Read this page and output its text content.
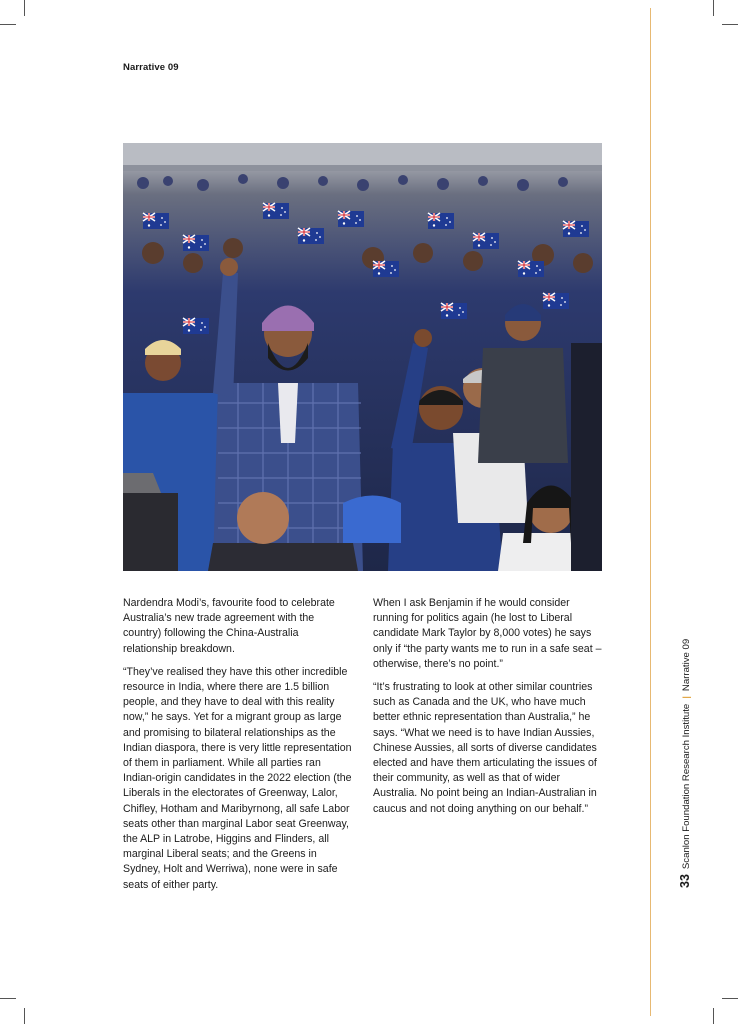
Narrative 09

Nardendra Modi’s, favourite food to celebrate Australia’s new trade agreement with the country) following the China-Australia relationship breakdown.

“They’ve realised they have this other incredible resource in India, where there are 1.5 billion people, and they have to deal with this reality now,” he says. Yet for a migrant group as large and promising to bilateral relationships as the Indian diaspora, there is very little representation of them in parliament. While all parties ran Indian-origin candidates in the 2022 election (the Liberals in the electorates of Greenway, Lalor, Chifley, Hotham and Maribyrnong, all safe Labor seats other than marginal Labor seat Greenway, the ALP in Latrobe, Higgins and Flinders, all marginal Liberal seats; and the Greens in Sydney, Holt and Werriwa), none were in safe seats of either party.

When I ask Benjamin if he would consider running for politics again (he lost to Liberal candidate Mark Taylor by 8,000 votes) he says only if “the party wants me to run in a safe seat –otherwise, there’s no point.”

“It’s frustrating to look at other similar countries such as Canada and the UK, who have much better ethnic representation than Australia,” he says. “What we need is to have Indian Aussies, Chinese Aussies, all sorts of diverse candidates elected and have them articulating the issues of their community, as well as that of wider Australia. No point being an Indian-Australian in caucus and not doing anything on our behalf.”

33
Scanlon Foundation Research Institute
|
Narrative 09
